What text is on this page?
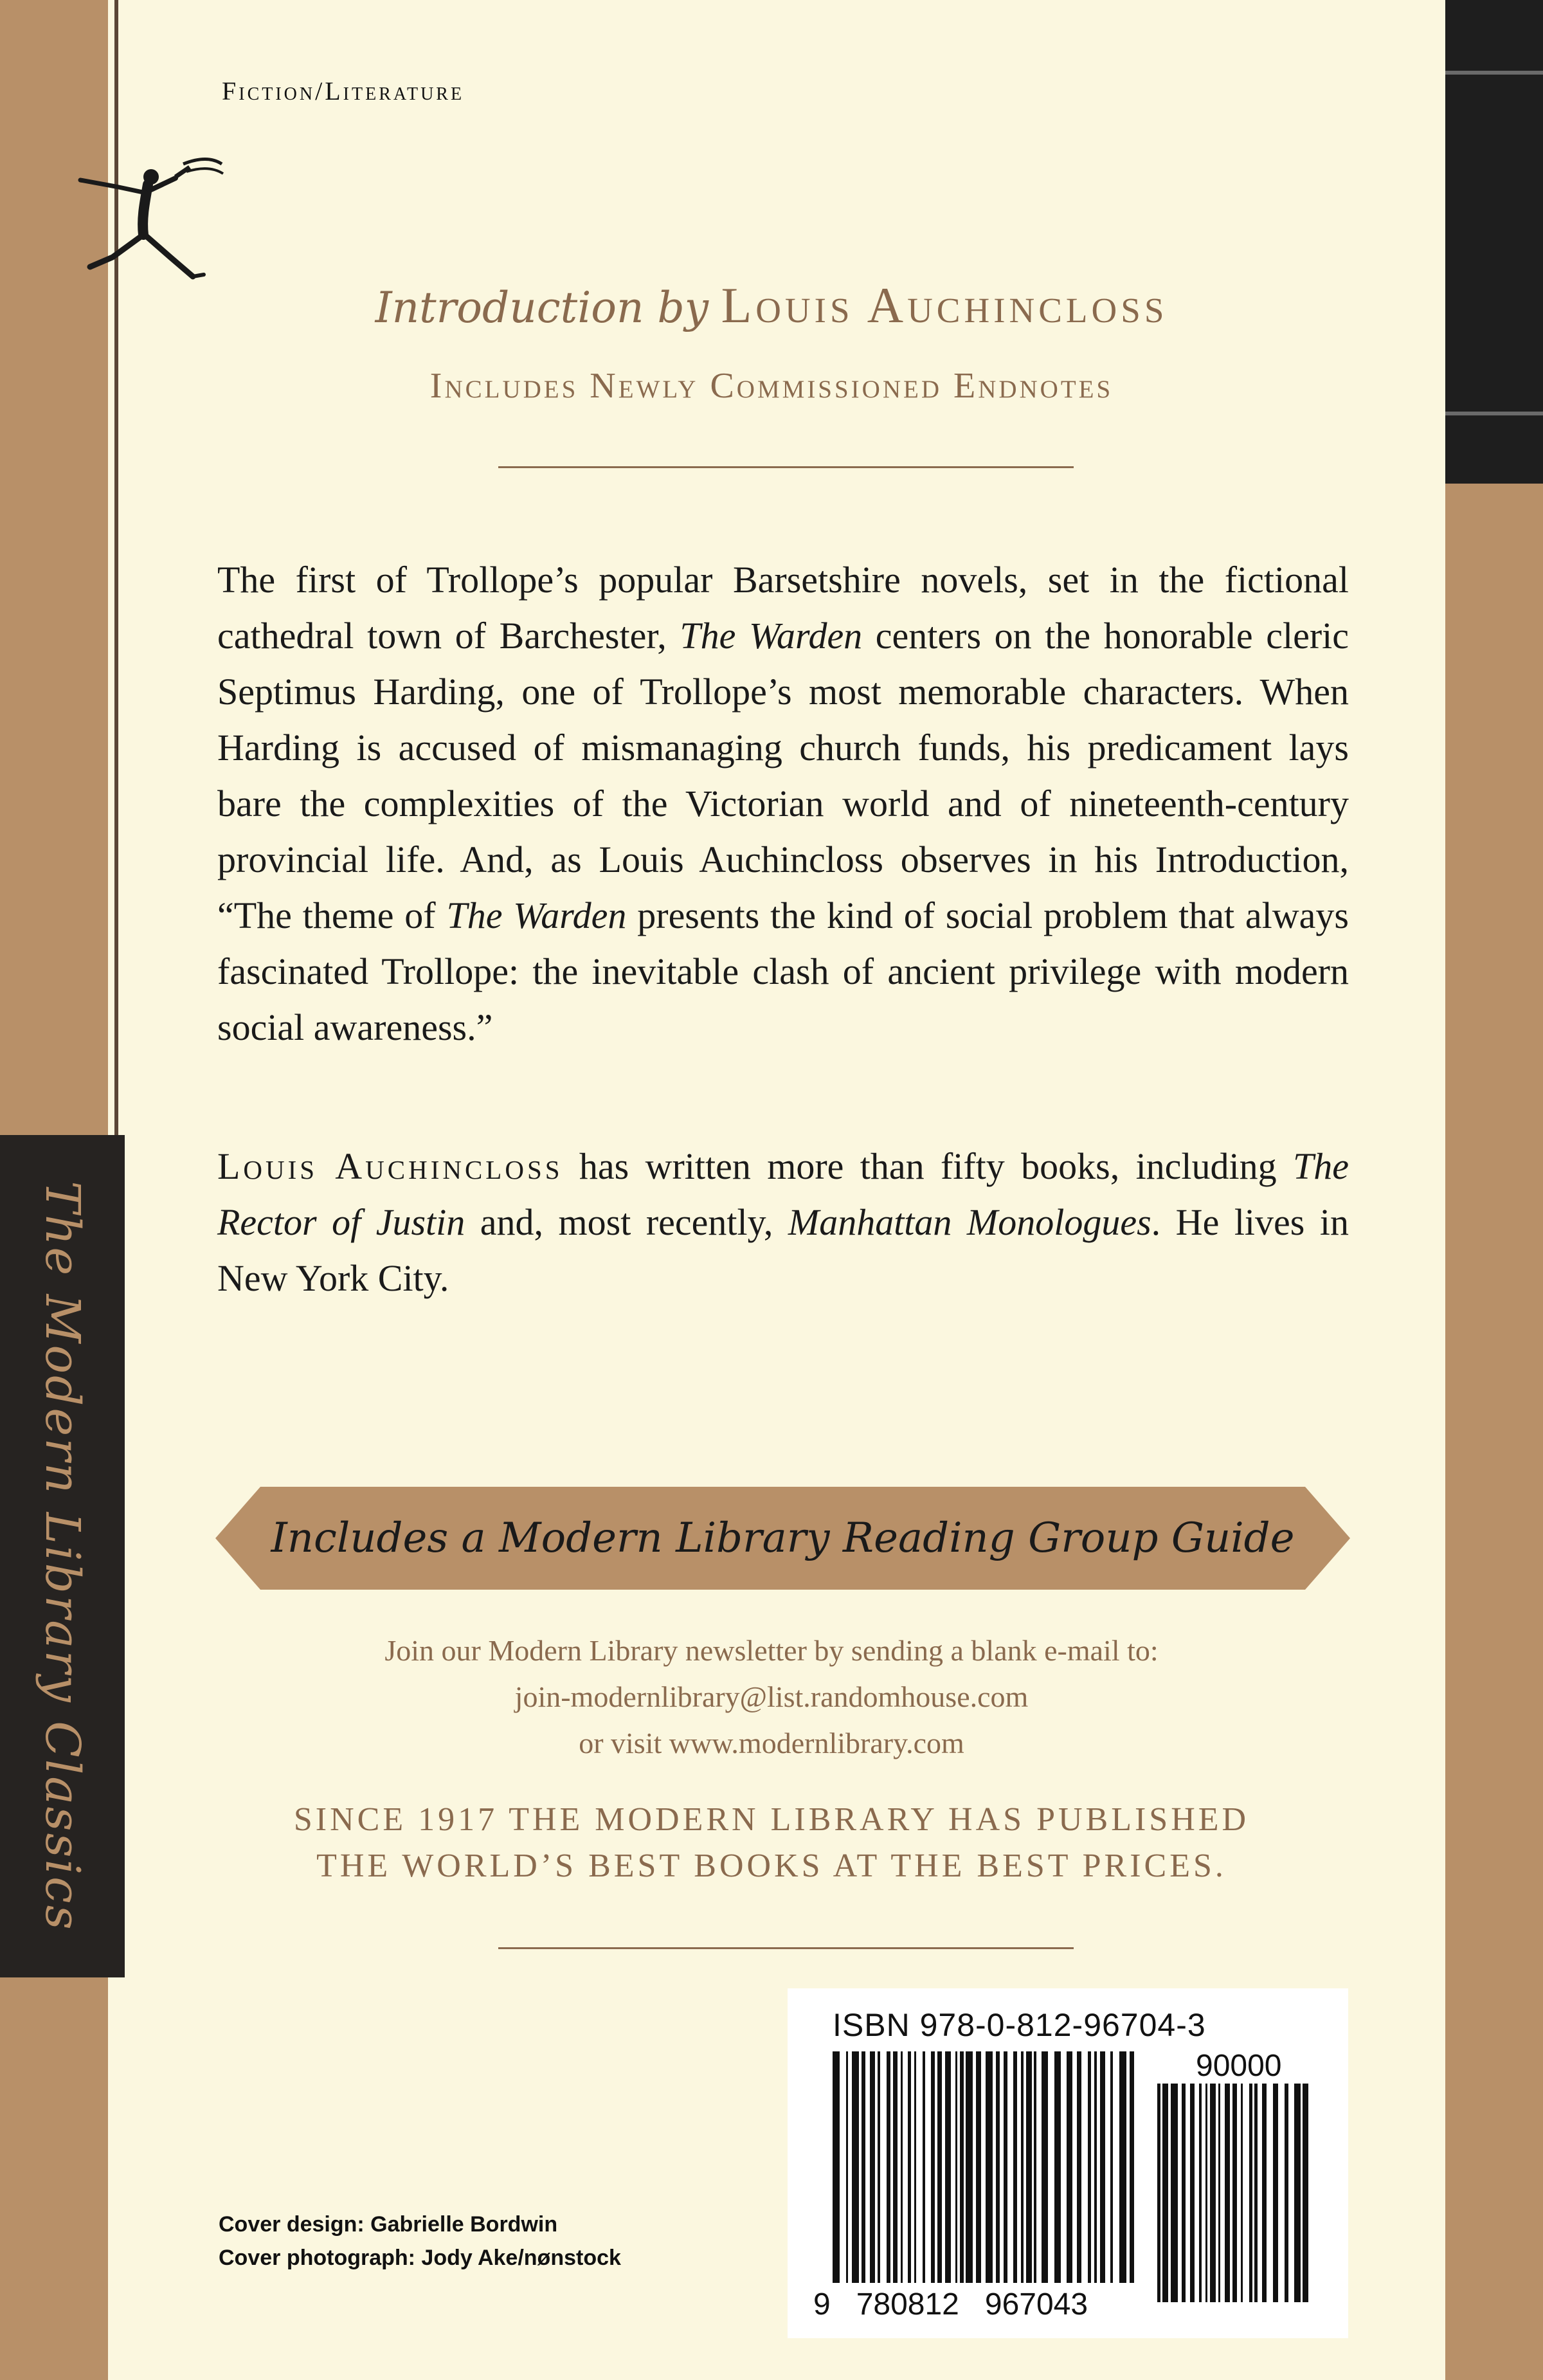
The Modern Library Classics
Fiction/Literature
Introduction by Louis Auchincloss
Includes Newly Commissioned Endnotes
The first of Trollope’s popular Barsetshire novels, set in the fictional cathedral town of Barchester, The Warden centers on the honorable cleric Septimus Harding, one of Trollope’s most memorable characters. When Harding is accused of mismanaging church funds, his predicament lays bare the complexities of the Victorian world and of nineteenth-century provincial life. And, as Louis Auchincloss observes in his Introduction, “The theme of The Warden presents the kind of social problem that always fascinated Trollope: the inevitable clash of ancient privilege with modern social awareness.”
Louis Auchincloss has written more than fifty books, including The Rector of Justin and, most recently, Manhattan Monologues. He lives in New York City.
Includes a Modern Library Reading Group Guide
Join our Modern Library newsletter by sending a blank e-mail to:
join-modernlibrary@list.randomhouse.com
or visit www.modernlibrary.com
SINCE 1917 THE MODERN LIBRARY HAS PUBLISHED
THE WORLD’S BEST BOOKS AT THE BEST PRICES.
Cover design: Gabrielle Bordwin
Cover photograph: Jody Ake/nønstock
ISBN 978-0-812-96704-3
90000
9   780812   967043
